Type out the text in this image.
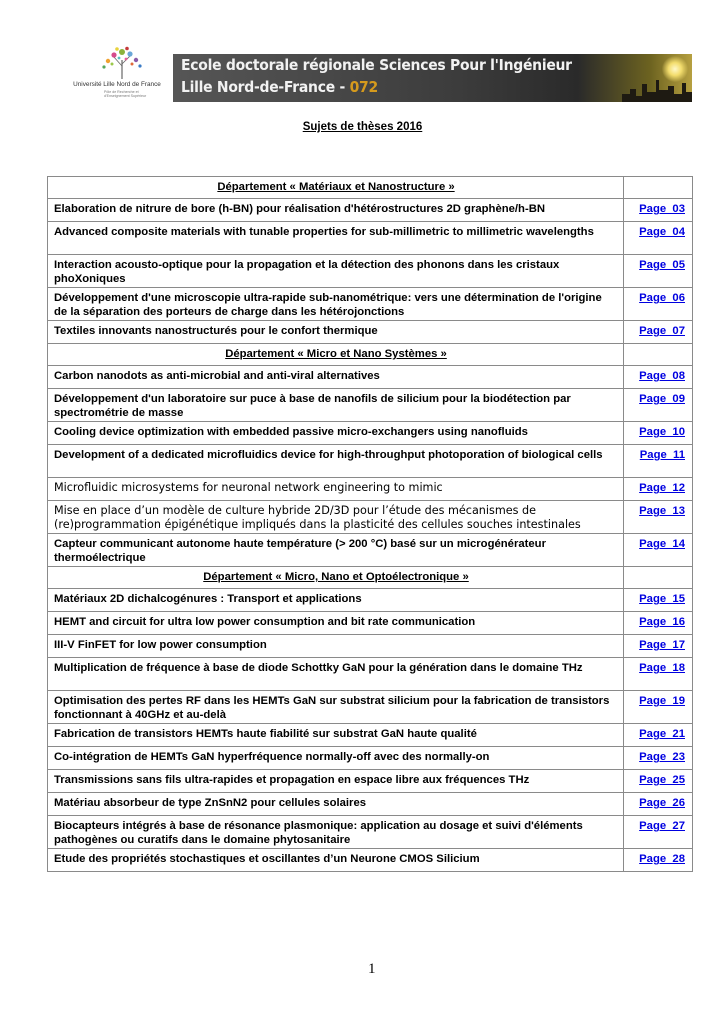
Université Lille Nord de France
Pôle de Recherche et d'Enseignement Supérieur
Ecole doctorale régionale Sciences Pour l'Ingénieur
Lille Nord-de-France - 072
Sujets de thèses 2016
Département « Matériaux et Nanostructure »	
Elaboration de nitrure de bore (h-BN) pour réalisation d'hétérostructures 2D graphène/h-BN	Page_03
Advanced composite materials with tunable properties for sub-millimetric to millimetric wavelengths	Page_04
Interaction acousto-optique pour la propagation et la détection des phonons dans les cristaux phoXoniques	Page_05
Développement d'une microscopie ultra-rapide sub-nanométrique: vers une détermination de l'origine de la séparation des porteurs de charge dans les hétérojonctions	Page_06
Textiles innovants nanostructurés pour le confort thermique	Page_07
Département « Micro et Nano Systèmes »	
Carbon nanodots as anti-microbial and anti-viral alternatives	Page_08
Développement d'un laboratoire sur puce à base de nanofils de silicium pour la biodétection par spectrométrie de masse	Page_09
Cooling device optimization with embedded passive micro-exchangers using nanofluids	Page_10
Development of a dedicated microfluidics device for high-throughput photoporation of biological cells	Page_11
Microfluidic microsystems for neuronal network engineering to mimic	Page_12
Mise en place d’un modèle de culture hybride 2D/3D pour l’étude des mécanismes de (re)programmation épigénétique impliqués dans la plasticité des cellules souches intestinales	Page_13
Capteur communicant autonome haute température (> 200 °C) basé sur un microgénérateur thermoélectrique	Page_14
Département « Micro, Nano et Optoélectronique »	
Matériaux 2D dichalcogénures : Transport et applications	Page_15
HEMT and circuit for ultra low power consumption and bit rate communication	Page_16
III-V FinFET for low power consumption	Page_17
Multiplication de fréquence à base de diode Schottky GaN pour la génération dans le domaine THz	Page_18
Optimisation des pertes RF dans les HEMTs GaN sur substrat silicium pour la fabrication de transistors fonctionnant à 40GHz et au-delà	Page_19
Fabrication de transistors HEMTs haute fiabilité sur substrat GaN haute qualité	Page_21
Co-intégration de HEMTs GaN hyperfréquence normally-off avec des normally-on	Page_23
Transmissions sans fils ultra-rapides et propagation en espace libre aux fréquences THz	Page_25
Matériau absorbeur de type ZnSnN2 pour cellules solaires	Page_26
Biocapteurs intégrés à base de résonance plasmonique: application au dosage et suivi d'éléments pathogènes ou curatifs dans le domaine phytosanitaire	Page_27
Etude des propriétés stochastiques et oscillantes d’un Neurone CMOS Silicium	Page_28
1
